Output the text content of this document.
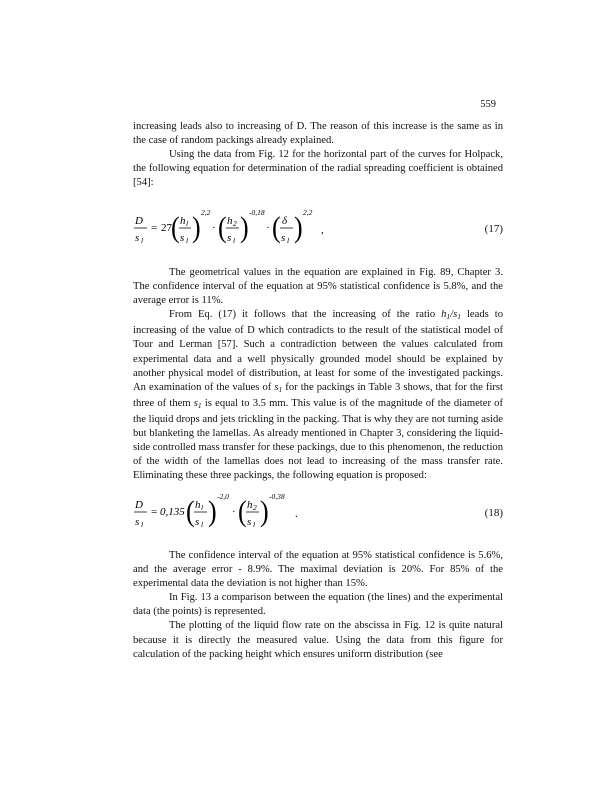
559

increasing leads also to increasing of D. The reason of this increase is the same as in the case of random packings already explained.

Using the data from Fig. 12 for the horizontal part of the curves for Holpack, the following equation for determination of the radial spreading coefficient is obtained [54]:

D
s l
= 27 ( h l
s l ) 2,2
· ( h 2
s l ) -0,18
· ( δ
s l ) 2,2
,	(17)

The geometrical values in the equation are explained in Fig. 89, Chapter 3. The confidence interval of the equation at 95% statistical confidence is 5.8%, and the average error is 11%.

From Eq. (17) it follows that the increasing of the ratio $h_1/s_1$ leads to increasing of the value of D which contradicts to the result of the statistical model of Tour and Lerman [57]. Such a contradiction between the values calculated from experimental data and a well physically grounded model should be explained by another physical model of distribution, at least for some of the investigated packings. An examination of the values of $s_1$ for the packings in Table 3 shows, that for the first three of them $s_1$ is equal to 3.5 mm. This value is of the magnitude of the diameter of the liquid drops and jets trickling in the packing. That is why they are not turning aside but blanketing the lamellas. As already mentioned in Chapter 3, considering the liquid-side controlled mass transfer for these packings, due to this phenomenon, the reduction of the width of the lamellas does not lead to increasing of the mass transfer rate. Eliminating these three packings, the following equation is proposed:

D
s l
= 0,135 ( h l
s l ) -2,0
· ( h 2
s l ) -0,38
.	(18)

The confidence interval of the equation at 95% statistical confidence is 5.6%, and the average error - 8.9%. The maximal deviation is 20%. For 85% of the experimental data the deviation is not higher than 15%.

In Fig. 13 a comparison between the equation (the lines) and the experimental data (the points) is represented.

The plotting of the liquid flow rate on the abscissa in Fig. 12 is quite natural because it is directly the measured value. Using the data from this figure for calculation of the packing height which ensures uniform distribution (see
